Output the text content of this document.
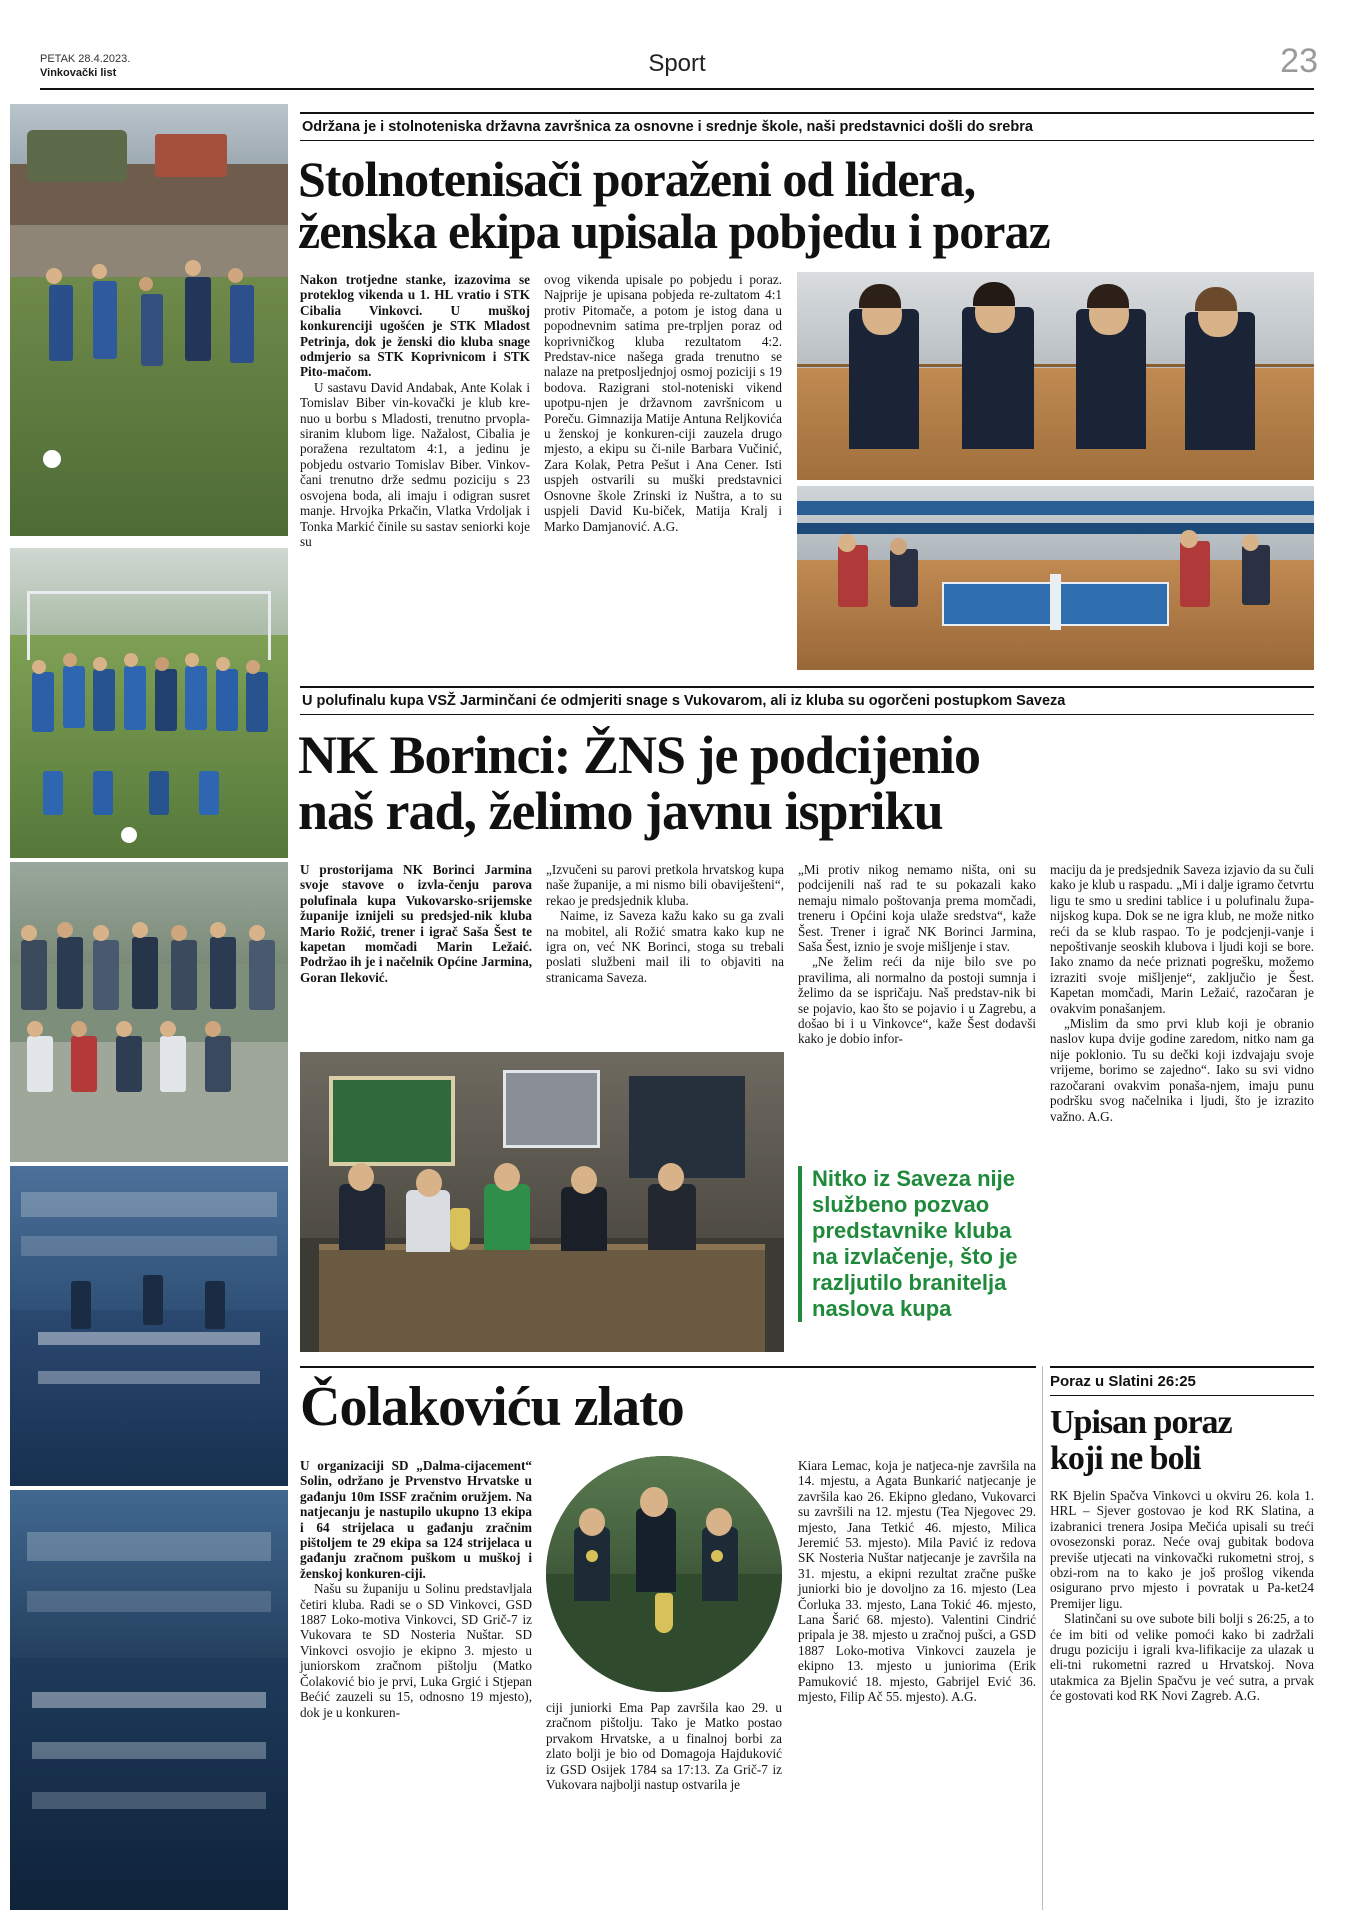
PETAK 28.4.2023.
Vinkovački list	Sport	23
Održana je i stolnoteniska državna završnica za osnovne i srednje škole, naši predstavnici došli do srebra
Stolnotenisači poraženi od lidera,
ženska ekipa upisala pobjedu i poraz

Nakon trotjedne stanke, izazovima se proteklog vikenda u 1. HL vratio i STK Cibalia Vinkovci. U muškoj konkurenciji ugošćen je STK Mladost Petrinja, dok je ženski dio kluba snage odmjerio sa STK Koprivnicom i STK Pito-mačom.

U sastavu David Andabak, Ante Kolak i Tomislav Biber vin-kovački je klub kre-nuo u borbu s Mladosti, trenutno prvopla-siranim klubom lige. Nažalost, Cibalia je poražena rezultatom 4:1, a jedinu je pobjedu ostvario Tomislav Biber. Vinkov-čani trenutno drže sedmu poziciju s 23 osvojena boda, ali imaju i odigran susret manje. Hrvojka Prkačin, Vlatka Vrdoljak i Tonka Markić činile su sastav seniorki koje su

ovog vikenda upisale po pobjedu i poraz. Najprije je upisana pobjeda re-zultatom 4:1 protiv Pitomače, a potom je istog dana u popodnevnim satima pre-trpljen poraz od koprivničkog kluba rezultatom 4:2. Predstav-nice našega grada trenutno se nalaze na pretposljednjoj osmoj poziciji s 19 bodova. Razigrani stol-noteniski vikend upotpu-njen je državnom završnicom u Poreču. Gimnazija Matije Antuna Reljkovića u ženskoj je konkuren-ciji zauzela drugo mjesto, a ekipu su či-nile Barbara Vučinić, Zara Kolak, Petra Pešut i Ana Cener. Isti uspjeh ostvarili su muški predstavnici Osnovne škole Zrinski iz Nuštra, a to su uspjeli David Ku-biček, Matija Kralj i Marko Damjanović. A.G.

U polufinalu kupa VSŽ Jarminčani će odmjeriti snage s Vukovarom, ali iz kluba su ogorčeni postupkom Saveza
NK Borinci: ŽNS je podcijenio
naš rad, želimo javnu ispriku

U prostorijama NK Borinci Jarmina svoje stavove o izvla-čenju parova polufinala kupa Vukovarsko-srijemske županije iznijeli su predsjed-nik kluba Mario Rožić, trener i igrač Saša Šest te kapetan momčadi Marin Ležaić. Podržao ih je i načelnik Općine Jarmina, Goran Ileković.

„Izvučeni su parovi pretkola hrvatskog kupa naše županije, a mi nismo bili obaviješteni“, rekao je predsjednik kluba.

Naime, iz Saveza kažu kako su ga zvali na mobitel, ali Rožić smatra kako kup ne igra on, već NK Borinci, stoga su trebali poslati službeni mail ili to objaviti na stranicama Saveza.

„Mi protiv nikog nemamo ništa, oni su podcijenili naš rad te su pokazali kako nemaju nimalo poštovanja prema momčadi, treneru i Općini koja ulaže sredstva“, kaže Šest. Trener i igrač NK Borinci Jarmina, Saša Šest, iznio je svoje mišljenje i stav.

„Ne želim reći da nije bilo sve po pravilima, ali normalno da postoji sumnja i želimo da se ispričaju. Naš predstav-nik bi se pojavio, kao što se pojavio i u Zagrebu, a došao bi i u Vinkovce“, kaže Šest dodavši kako je dobio infor-

maciju da je predsjednik Saveza izjavio da su čuli kako je klub u raspadu. „Mi i dalje igramo četvrtu ligu te smo u sredini tablice i u polufinalu župa-nijskog kupa. Dok se ne igra klub, ne može nitko reći da se klub raspao. To je podcjenji-vanje i nepoštivanje seoskih klubova i ljudi koji se bore. Iako znamo da neće priznati pogrešku, možemo izraziti svoje mišljenje“, zaključio je Šest. Kapetan momčadi, Marin Ležaić, razočaran je ovakvim ponašanjem.

„Mislim da smo prvi klub koji je obranio naslov kupa dvije godine zaredom, nitko nam ga nije poklonio. Tu su dečki koji izdvajaju svoje vrijeme, borimo se zajedno“. Iako su svi vidno razočarani ovakvim ponaša-njem, imaju punu podršku svog načelnika i ljudi, što je izrazito važno. A.G.

Nitko iz Saveza nije službeno pozvao predstavnike kluba na izvlačenje, što je razljutilo branitelja naslova kupa
Čolakoviću zlato

U organizaciji SD „Dalma-cijacement“ Solin, održano je Prvenstvo Hrvatske u gađanju 10m ISSF zračnim oružjem. Na natjecanju je nastupilo ukupno 13 ekipa i 64 strijelaca u gađanju zračnim pištoljem te 29 ekipa sa 124 strijelaca u gađanju zračnom puškom u muškoj i ženskoj konkuren-ciji.

Našu su županiju u Solinu predstavljala četiri kluba. Radi se o SD Vinkovci, GSD 1887 Loko-motiva Vinkovci, SD Grič-7 iz Vukovara te SD Nosteria Nuštar. SD Vinkovci osvojio je ekipno 3. mjesto u juniorskom zračnom pištolju (Matko Čolaković bio je prvi, Luka Grgić i Stjepan Bećić zauzeli su 15, odnosno 19 mjesto), dok je u konkuren-	ciji juniorki Ema Pap završila kao 29. u zračnom pištolju. Tako je Matko postao prvakom Hrvatske, a u finalnoj borbi za zlato bolji je bio od Domagoja Hajduković iz GSD Osijek 1784 sa 17:13. Za Grič-7 iz Vukovara najbolji nastup ostvarila je

Kiara Lemac, koja je natjeca-nje završila na 14. mjestu, a Agata Bunkarić natjecanje je završila kao 26. Ekipno gledano, Vukovarci su završili na 12. mjestu (Tea Njegovec 29. mjesto, Jana Tetkić 46. mjesto, Milica Jeremić 53. mjesto). Mila Pavić iz redova SK Nosteria Nuštar natjecanje je završila na 31. mjestu, a ekipni rezultat zračne puške juniorki bio je dovoljno za 16. mjesto (Lea Čorluka 33. mjesto, Lana Tokić 46. mjesto, Lana Šarić 68. mjesto). Valentini Cindrić pripala je 38. mjesto u zračnoj pušci, a GSD 1887 Loko-motiva Vinkovci zauzela je ekipno 13. mjesto u juniorima (Erik Pamuković 18. mjesto, Gabrijel Ević 36. mjesto, Filip Ač 55. mjesto). A.G.

Poraz u Slatini 26:25
Upisan poraz
koji ne boli

RK Bjelin Spačva Vinkovci u okviru 26. kola 1. HRL – Sjever gostovao je kod RK Slatina, a izabranici trenera Josipa Mečića upisali su treći ovosezonski poraz. Neće ovaj gubitak bodova previše utjecati na vinkovački rukometni stroj, s obzi-rom na to kako je još prošlog vikenda osigurano prvo mjesto i povratak u Pa-ket24 Premijer ligu.

Slatinčani su ove subote bili bolji s 26:25, a to će im biti od velike pomoći kako bi zadržali drugu poziciju i igrali kva-lifikacije za ulazak u eli-tni rukometni razred u Hrvatskoj. Nova utakmica za Bjelin Spačvu je već sutra, a prvak će gostovati kod RK Novi Zagreb. A.G.
